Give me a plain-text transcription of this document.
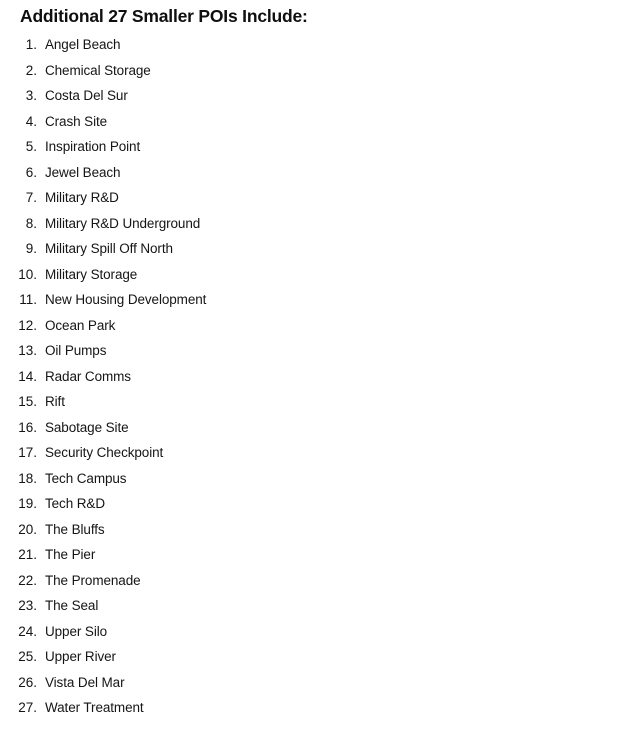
Additional 27 Smaller POIs Include:
1. Angel Beach
2. Chemical Storage
3. Costa Del Sur
4. Crash Site
5. Inspiration Point
6. Jewel Beach
7. Military R&D
8. Military R&D Underground
9. Military Spill Off North
10. Military Storage
11. New Housing Development
12. Ocean Park
13. Oil Pumps
14. Radar Comms
15. Rift
16. Sabotage Site
17. Security Checkpoint
18. Tech Campus
19. Tech R&D
20. The Bluffs
21. The Pier
22. The Promenade
23. The Seal
24. Upper Silo
25. Upper River
26. Vista Del Mar
27. Water Treatment
